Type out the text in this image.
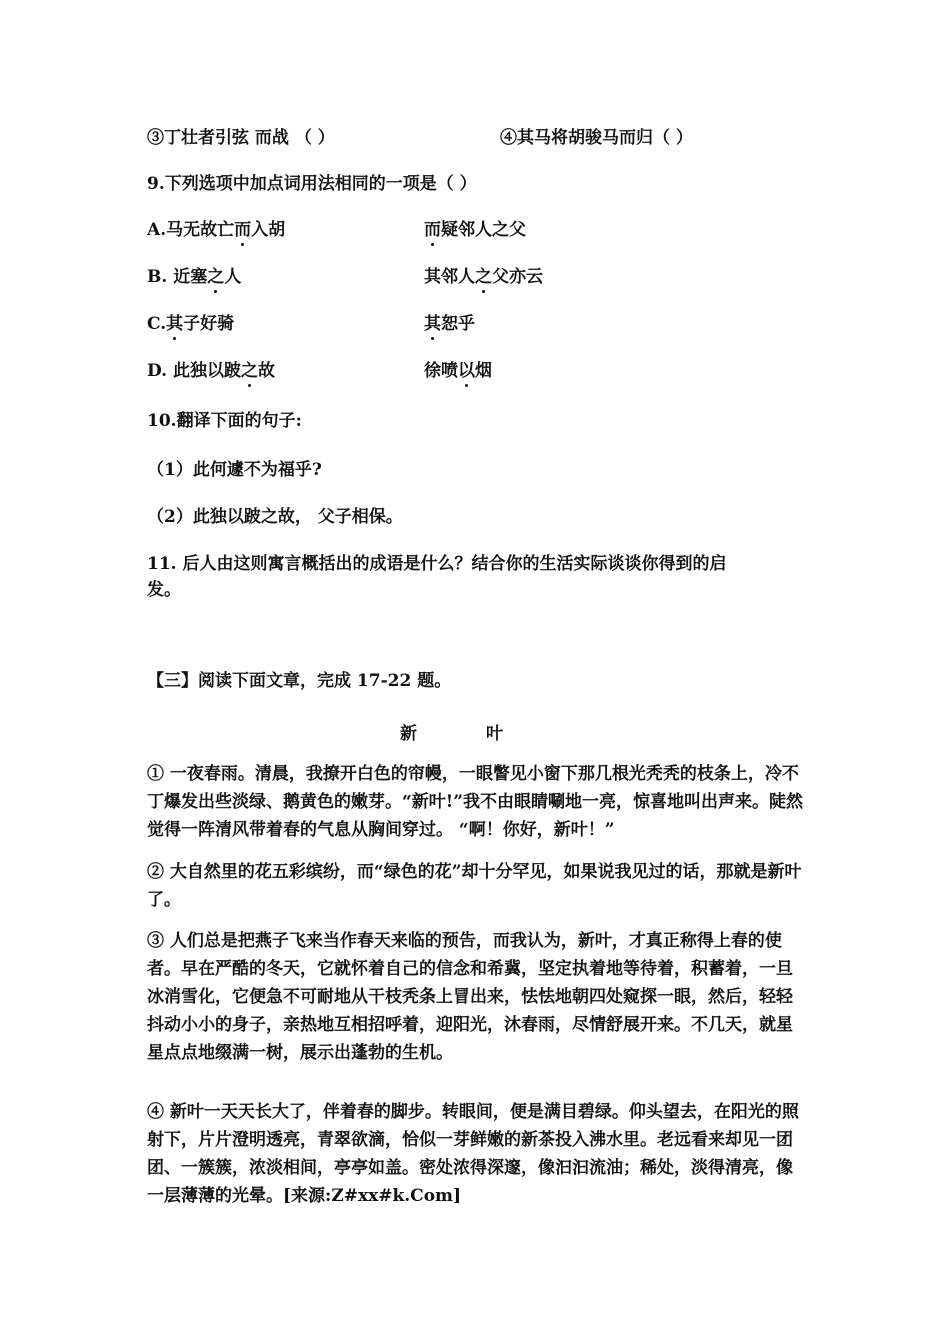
③丁壮者引弦 而战 （ ）	④其马将胡骏马而归（ ）
9.下列选项中加点词用法相同的一项是（ ）
A.马无故亡而入胡	而疑邻人之父
B. 近塞之人	其邻人之父亦云
C.其子好骑	其恕乎
D. 此独以跛之故	徐喷以烟
10.翻译下面的句子:
（1）此何遽不为福乎?
（2）此独以跛之故， 父子相保。
11. 后人由这则寓言概括出的成语是什么？结合你的生活实际谈谈你得到的启
发。
【三】阅读下面文章，完成 17-22 题。
新	叶
① 一夜春雨。清晨，我撩开白色的帘幔，一眼瞥见小窗下那几根光秃秃的枝条上，冷不丁爆发出些淡绿、鹅黄色的嫩芽。“新叶!”我不由眼睛唰地一亮，惊喜地叫出声来。陡然觉得一阵清风带着春的气息从胸间穿过。 “啊！你好，新叶！”
② 大自然里的花五彩缤纷，而“绿色的花”却十分罕见，如果说我见过的话，那就是新叶了。
③ 人们总是把燕子飞来当作春天来临的预告，而我认为，新叶，才真正称得上春的使者。早在严酷的冬天，它就怀着自己的信念和希冀，坚定执着地等待着，积蓄着，一旦冰消雪化，它便急不可耐地从干枝秃条上冒出来，怯怯地朝四处窥探一眼，然后，轻轻抖动小小的身子，亲热地互相招呼着，迎阳光，沐春雨，尽情舒展开来。不几天，就星星点点地缀满一树，展示出蓬勃的生机。
④ 新叶一天天长大了，伴着春的脚步。转眼间，便是满目碧绿。仰头望去，在阳光的照射下，片片澄明透亮，青翠欲滴，恰似一芽鲜嫩的新茶投入沸水里。老远看来却见一团团、一簇簇，浓淡相间，亭亭如盖。密处浓得深邃，像汩汩流油；稀处，淡得清亮，像一层薄薄的光晕。[来源:Z#xx#k.Com]
